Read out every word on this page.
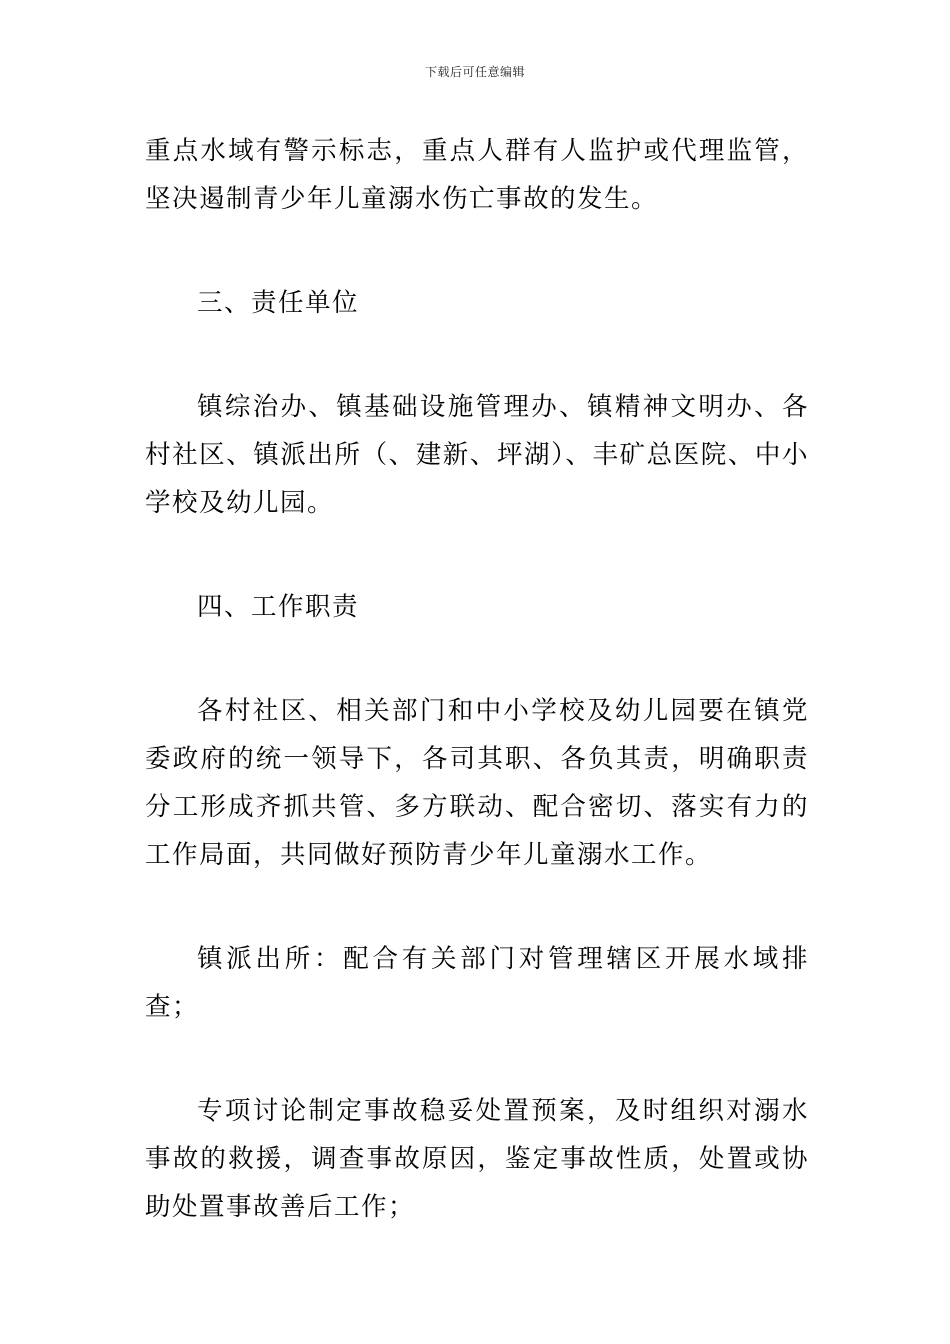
下载后可任意编辑

重点水域有警示标志，重点人群有人监护或代理监管，坚决遏制青少年儿童溺水伤亡事故的发生。

三、责任单位

镇综治办、镇基础设施管理办、镇精神文明办、各村社区、镇派出所（、建新、坪湖）、丰矿总医院、中小学校及幼儿园。

四、工作职责

各村社区、相关部门和中小学校及幼儿园要在镇党委政府的统一领导下，各司其职、各负其责，明确职责分工形成齐抓共管、多方联动、配合密切、落实有力的工作局面，共同做好预防青少年儿童溺水工作。

镇派出所：配合有关部门对管理辖区开展水域排查；

专项讨论制定事故稳妥处置预案，及时组织对溺水事故的救援，调查事故原因，鉴定事故性质，处置或协助处置事故善后工作；
